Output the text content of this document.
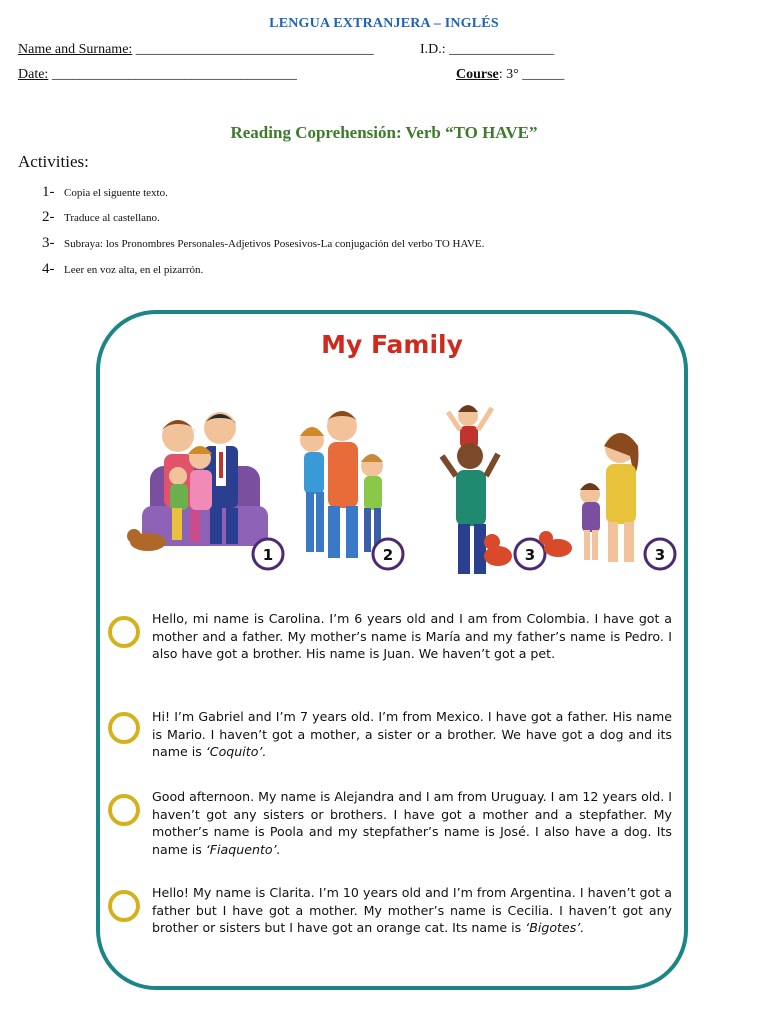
LENGUA EXTRANJERA – INGLÉS
Name and Surname: __________________________________	I.D.: _______________
Date: ___________________________________	Course: 3° ______
Reading Coprehensión: Verb “TO HAVE”
Activities:
1- Copia el siguente texto.
2- Traduce al castellano.
3- Subraya: los Pronombres Personales-Adjetivos Posesivos-La conjugación del verbo TO HAVE.
4- Leer en voz alta, en el pizarrón.
My Family
1	2	3	3
Hello, mi name is Carolina. I’m 6 years old and I am from Colombia. I have got a mother and a father. My mother’s name is María and my father’s name is Pedro. I also have got a brother. His name is Juan. We haven’t got a pet.
Hi! I’m Gabriel and I’m 7 years old. I’m from Mexico. I have got a father. His name is Mario. I haven’t got a mother, a sister or a brother. We have got a dog and its name is ‘Coquito’.
Good afternoon. My name is Alejandra and I am from Uruguay. I am 12 years old. I haven’t got any sisters or brothers. I have got a mother and a stepfather. My mother’s name is Poola and my stepfather’s name is José. I also have a dog. Its name is ‘Fiaquento’.
Hello! My name is Clarita. I’m 10 years old and I’m from Argentina. I haven’t got a father but I have got a mother. My mother’s name is Cecilia. I haven’t got any brother or sisters but I have got an orange cat. Its name is ‘Bigotes’.
